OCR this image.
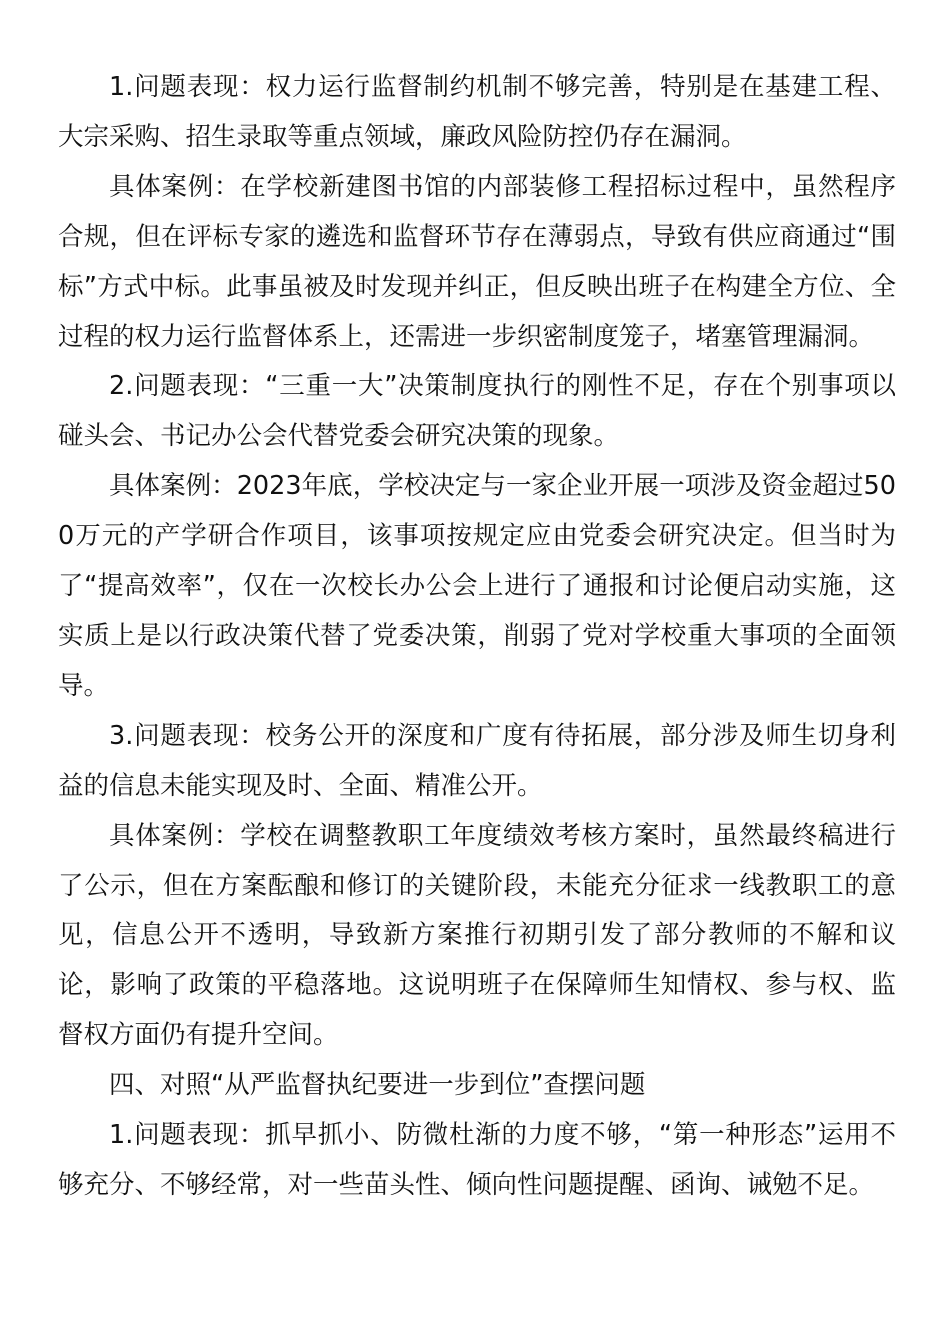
1.问题表现：权力运行监督制约机制不够完善，特别是在基建工程、大宗采购、招生录取等重点领域，廉政风险防控仍存在漏洞。

具体案例：在学校新建图书馆的内部装修工程招标过程中，虽然程序合规，但在评标专家的遴选和监督环节存在薄弱点，导致有供应商通过“围标”方式中标。此事虽被及时发现并纠正，但反映出班子在构建全方位、全过程的权力运行监督体系上，还需进一步织密制度笼子，堵塞管理漏洞。

2.问题表现：“三重一大”决策制度执行的刚性不足，存在个别事项以碰头会、书记办公会代替党委会研究决策的现象。

具体案例：2023年底，学校决定与一家企业开展一项涉及资金超过500万元的产学研合作项目，该事项按规定应由党委会研究决定。但当时为了“提高效率”，仅在一次校长办公会上进行了通报和讨论便启动实施，这实质上是以行政决策代替了党委决策，削弱了党对学校重大事项的全面领导。

3.问题表现：校务公开的深度和广度有待拓展，部分涉及师生切身利益的信息未能实现及时、全面、精准公开。

具体案例：学校在调整教职工年度绩效考核方案时，虽然最终稿进行了公示，但在方案酝酿和修订的关键阶段，未能充分征求一线教职工的意见，信息公开不透明，导致新方案推行初期引发了部分教师的不解和议论，影响了政策的平稳落地。这说明班子在保障师生知情权、参与权、监督权方面仍有提升空间。

四、对照“从严监督执纪要进一步到位”查摆问题

1.问题表现：抓早抓小、防微杜渐的力度不够，“第一种形态”运用不够充分、不够经常，对一些苗头性、倾向性问题提醒、函询、诫勉不足。
